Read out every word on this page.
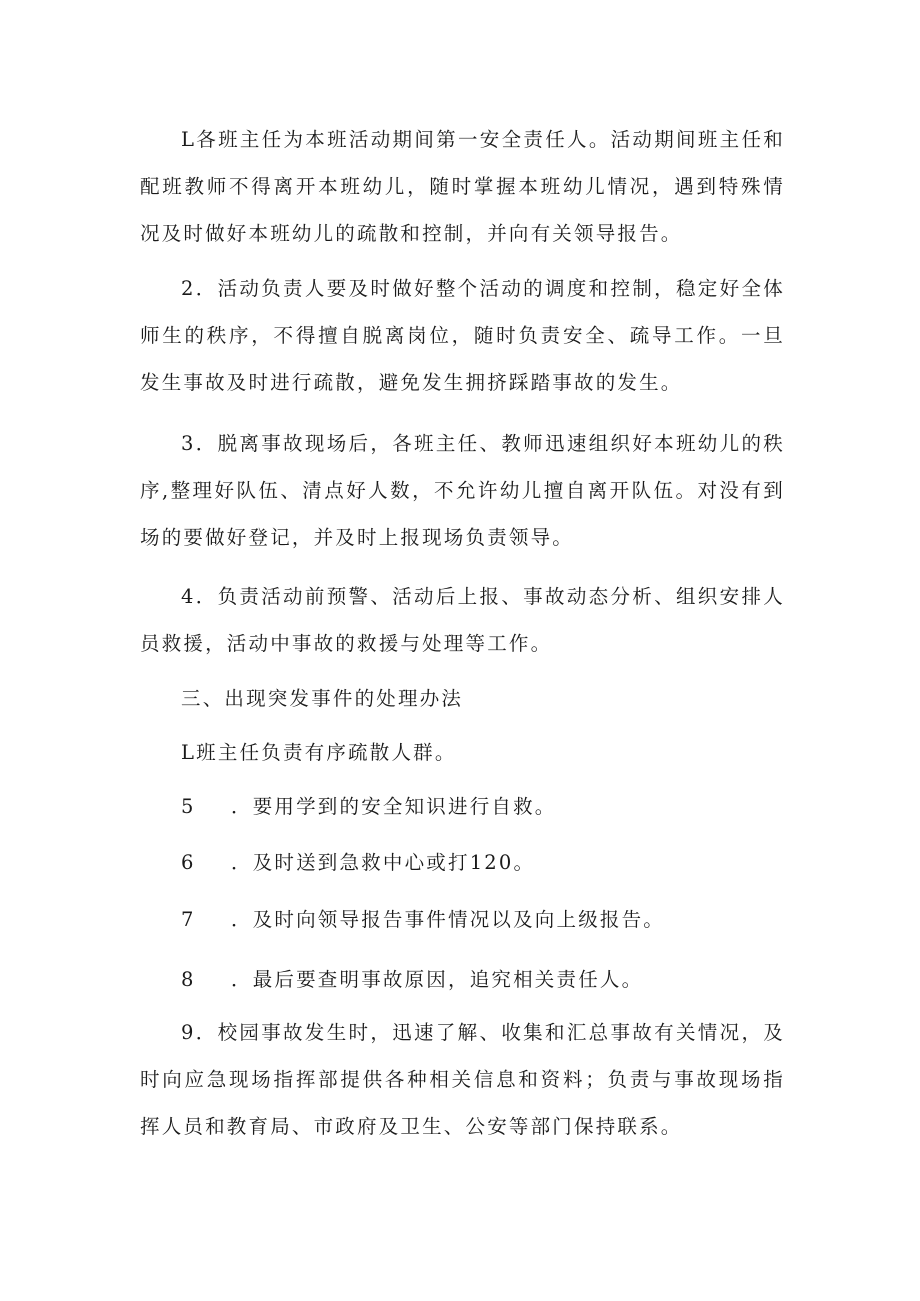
L各班主任为本班活动期间第一安全责任人。活动期间班主任和配班教师不得离开本班幼儿，随时掌握本班幼儿情况，遇到特殊情况及时做好本班幼儿的疏散和控制，并向有关领导报告。

2．活动负责人要及时做好整个活动的调度和控制，稳定好全体师生的秩序，不得擅自脱离岗位，随时负责安全、疏导工作。一旦发生事故及时进行疏散，避免发生拥挤踩踏事故的发生。

3．脱离事故现场后，各班主任、教师迅速组织好本班幼儿的秩序,整理好队伍、清点好人数，不允许幼儿擅自离开队伍。对没有到场的要做好登记，并及时上报现场负责领导。

4．负责活动前预警、活动后上报、事故动态分析、组织安排人员救援，活动中事故的救援与处理等工作。

三、出现突发事件的处理办法

L班主任负责有序疏散人群。

5 ．要用学到的安全知识进行自救。
6 ．及时送到急救中心或打120。
7 ．及时向领导报告事件情况以及向上级报告。
8 ．最后要查明事故原因，追究相关责任人。

9．校园事故发生时，迅速了解、收集和汇总事故有关情况，及时向应急现场指挥部提供各种相关信息和资料；负责与事故现场指挥人员和教育局、市政府及卫生、公安等部门保持联系。
